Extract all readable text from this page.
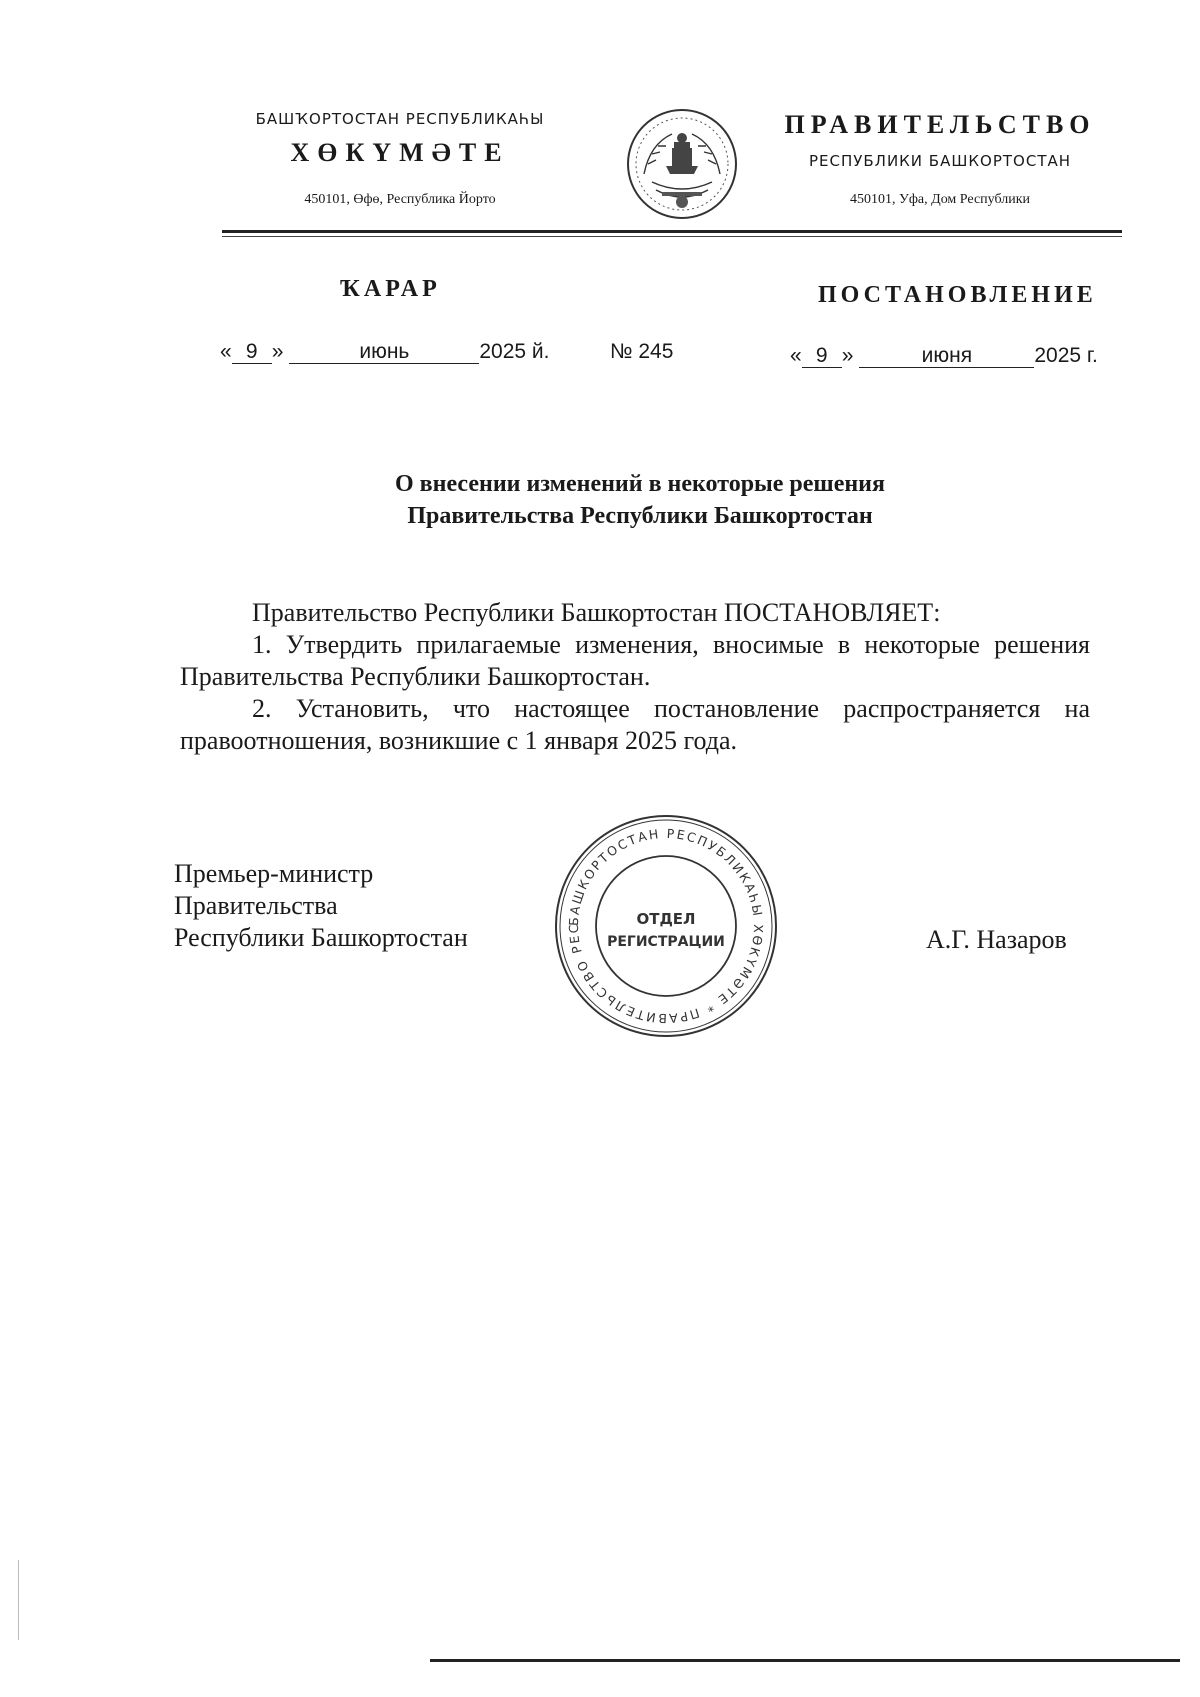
БАШҠОРТОСТАН РЕСПУБЛИКАҺЫ
ХӨКҮМӘТЕ
450101, Өфө, Республика Йорто
ПРАВИТЕЛЬСТВО
РЕСПУБЛИКИ БАШКОРТОСТАН
450101, Уфа, Дом Республики
ҠАРАР	ПОСТАНОВЛЕНИЕ
« 9 »	июнь	2025 й.	№ 245	« 9 »	июня	2025 г.
О внесении изменений в некоторые решения
Правительства Республики Башкортостан
Правительство Республики Башкортостан ПОСТАНОВЛЯЕТ:
1. Утвердить прилагаемые изменения, вносимые в некоторые решения Правительства Республики Башкортостан.
2. Установить, что настоящее постановление распространяется на правоотношения, возникшие с 1 января 2025 года.
Премьер-министр
Правительства
Республики Башкортостан
БАШКОРТОСТАН РЕСПУБЛИКАҺЫ ХӨКҮМӘТЕ * ПРАВИТЕЛЬСТВО РЕС	ОТДЕЛ
РЕГИСТРАЦИИ	А.Г. Назаров
